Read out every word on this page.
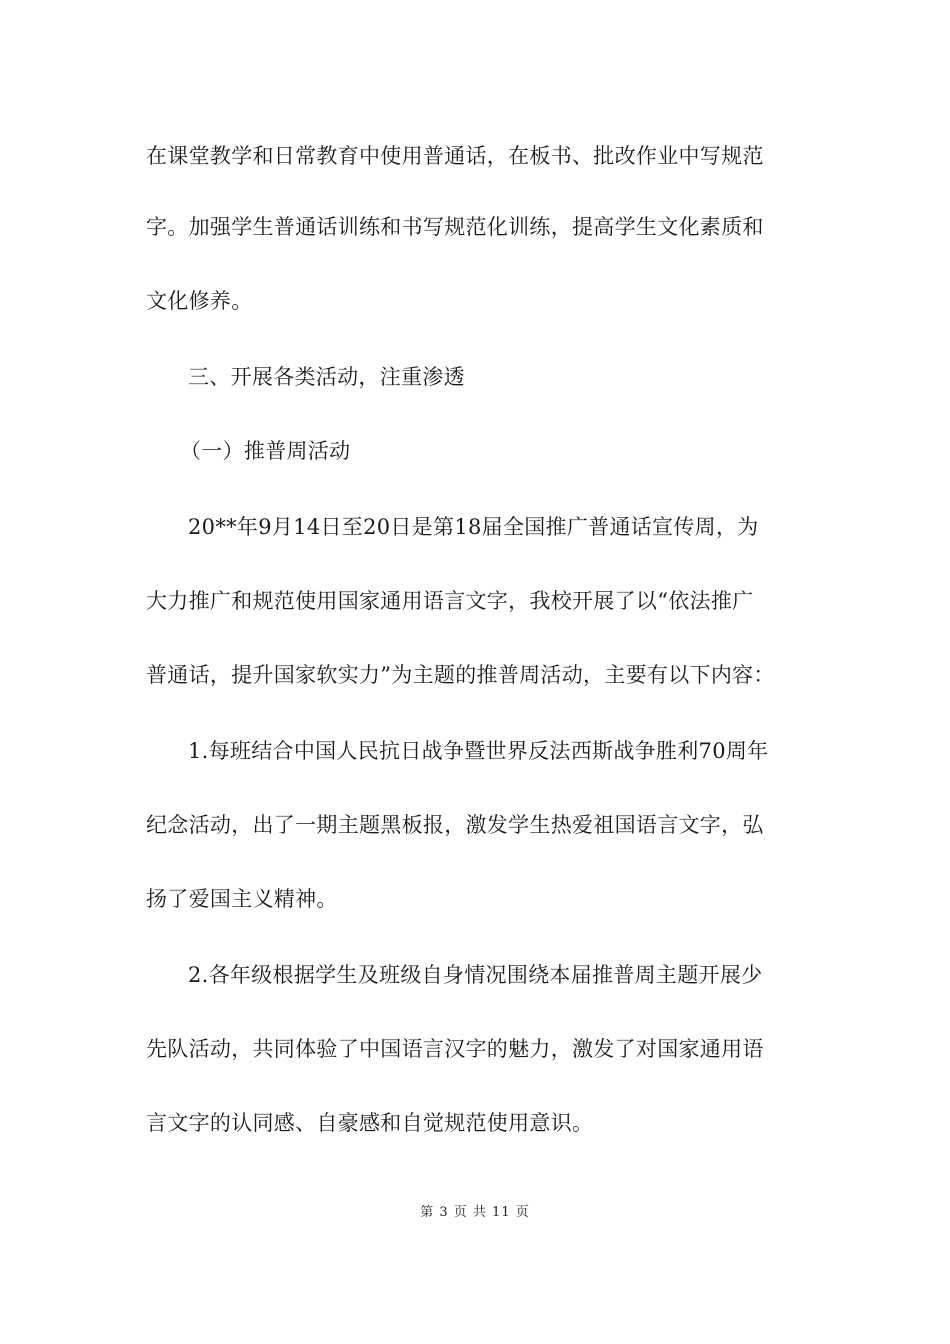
在课堂教学和日常教育中使用普通话，在板书、批改作业中写规范
字。加强学生普通话训练和书写规范化训练，提高学生文化素质和
文化修养。
三、开展各类活动，注重渗透
（一）推普周活动
20**年9月14日至20日是第18届全国推广普通话宣传周，为
大力推广和规范使用国家通用语言文字，我校开展了以“依法推广
普通话，提升国家软实力”为主题的推普周活动，主要有以下内容：
1.每班结合中国人民抗日战争暨世界反法西斯战争胜利70周年
纪念活动，出了一期主题黑板报，激发学生热爱祖国语言文字，弘
扬了爱国主义精神。
2.各年级根据学生及班级自身情况围绕本届推普周主题开展少
先队活动，共同体验了中国语言汉字的魅力，激发了对国家通用语
言文字的认同感、自豪感和自觉规范使用意识。
第 3 页 共 11 页
